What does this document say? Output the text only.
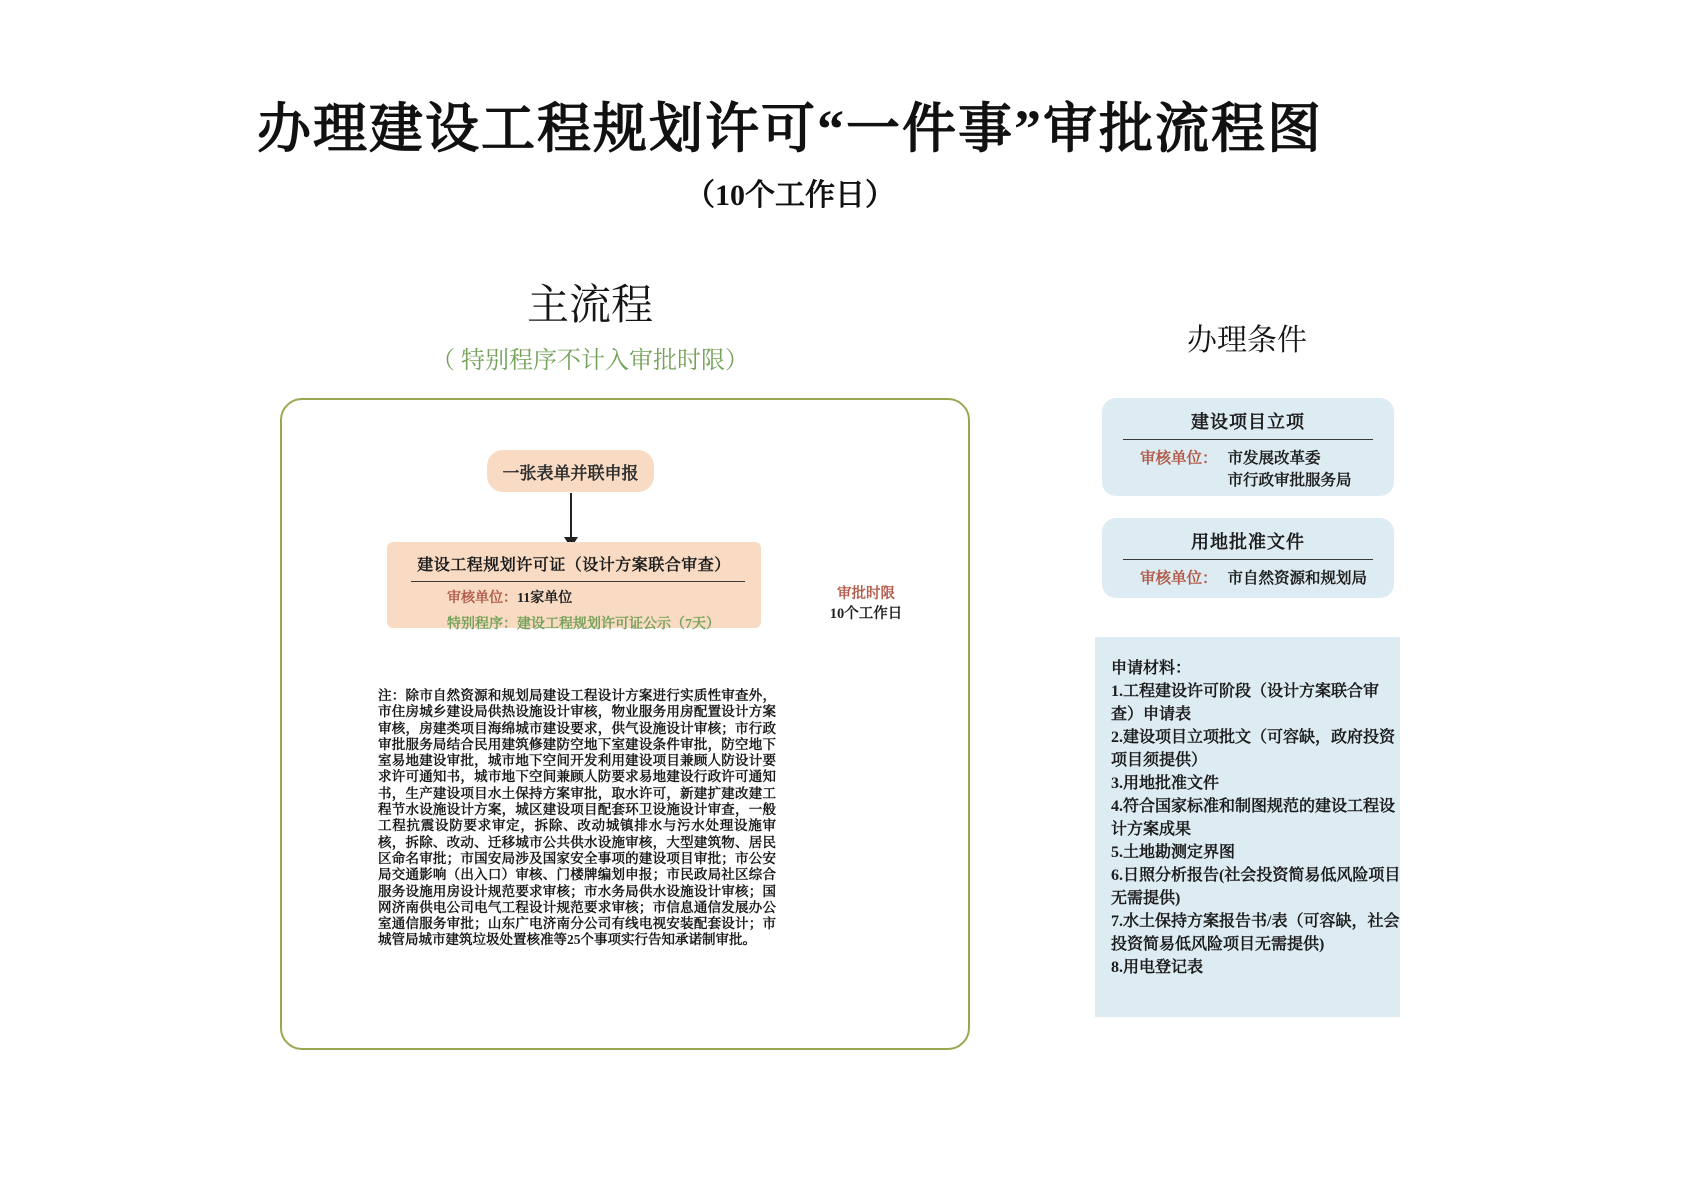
办理建设工程规划许可“一件事”审批流程图
（10个工作日）
主流程
（ 特别程序不计入审批时限）
一张表单并联申报
建设工程规划许可证（设计方案联合审查）
审核单位：11家单位
特别程序：建设工程规划许可证公示（7天）
审批时限
10个工作日
注：除市自然资源和规划局建设工程设计方案进行实质性审查外，市住房城乡建设局供热设施设计审核，物业服务用房配置设计方案审核，房建类项目海绵城市建设要求，供气设施设计审核；市行政审批服务局结合民用建筑修建防空地下室建设条件审批，防空地下室易地建设审批，城市地下空间开发利用建设项目兼顾人防设计要求许可通知书，城市地下空间兼顾人防要求易地建设行政许可通知书，生产建设项目水土保持方案审批，取水许可，新建扩建改建工程节水设施设计方案，城区建设项目配套环卫设施设计审查，一般工程抗震设防要求审定，拆除、改动城镇排水与污水处理设施审核，拆除、改动、迁移城市公共供水设施审核，大型建筑物、居民区命名审批；市国安局涉及国家安全事项的建设项目审批；市公安局交通影响（出入口）审核、门楼牌编划申报；市民政局社区综合服务设施用房设计规范要求审核；市水务局供水设施设计审核；国网济南供电公司电气工程设计规范要求审核；市信息通信发展办公室通信服务审批；山东广电济南分公司有线电视安装配套设计；市城管局城市建筑垃圾处置核准等25个事项实行告知承诺制审批。
办理条件
建设项目立项
审核单位： 市发展改革委
市行政审批服务局
用地批准文件
审核单位： 市自然资源和规划局
申请材料：
1.工程建设许可阶段（设计方案联合审查）申请表
2.建设项目立项批文（可容缺，政府投资项目须提供）
3.用地批准文件
4.符合国家标准和制图规范的建设工程设计方案成果
5.土地勘测定界图
6.日照分析报告(社会投资简易低风险项目无需提供)
7.水土保持方案报告书/表（可容缺，社会投资简易低风险项目无需提供)
8.用电登记表
